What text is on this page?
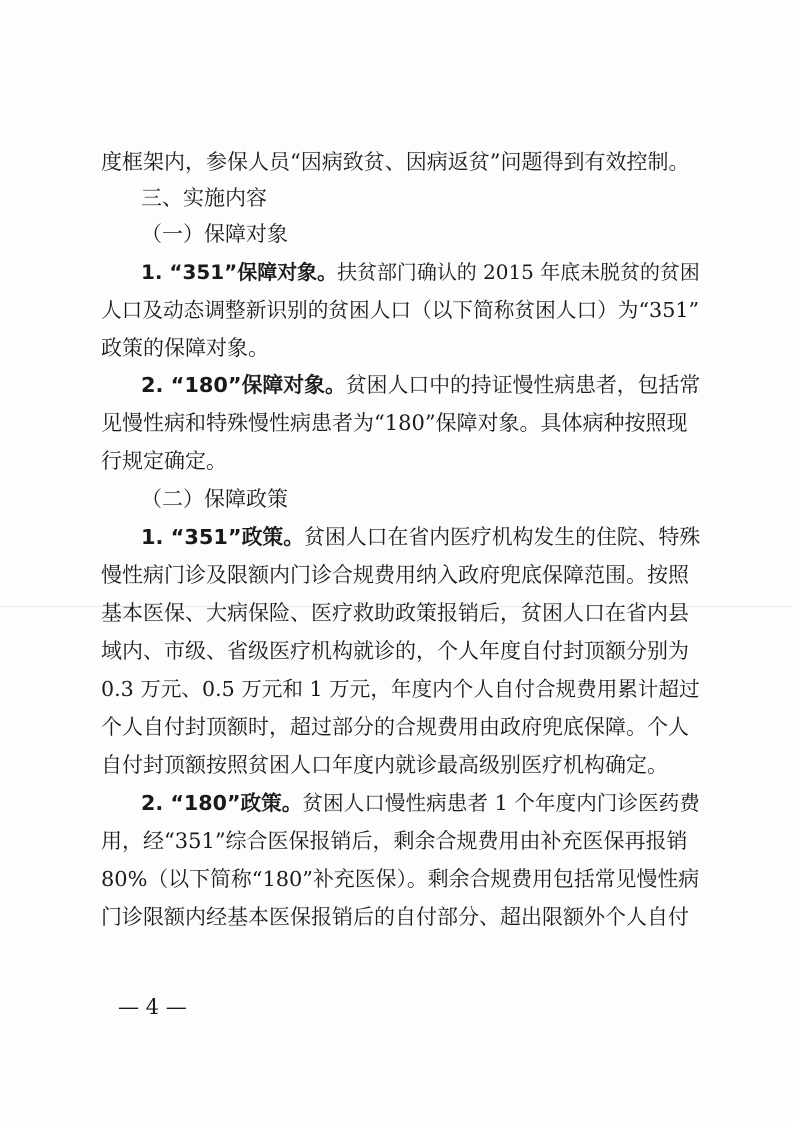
度框架内，参保人员“因病致贫、因病返贫”问题得到有效控制。
三、实施内容
（一）保障对象
1. “351”保障对象。扶贫部门确认的 2015 年底未脱贫的贫困
人口及动态调整新识别的贫困人口（以下简称贫困人口）为“351”
政策的保障对象。
2. “180”保障对象。贫困人口中的持证慢性病患者，包括常
见慢性病和特殊慢性病患者为“180”保障对象。具体病种按照现
行规定确定。
（二）保障政策
1. “351”政策。贫困人口在省内医疗机构发生的住院、特殊
慢性病门诊及限额内门诊合规费用纳入政府兜底保障范围。按照
基本医保、大病保险、医疗救助政策报销后，贫困人口在省内县
域内、市级、省级医疗机构就诊的，个人年度自付封顶额分别为
0.3 万元、0.5 万元和 1 万元，年度内个人自付合规费用累计超过
个人自付封顶额时，超过部分的合规费用由政府兜底保障。个人
自付封顶额按照贫困人口年度内就诊最高级别医疗机构确定。
2. “180”政策。贫困人口慢性病患者 1 个年度内门诊医药费
用，经“351”综合医保报销后，剩余合规费用由补充医保再报销
80%（以下简称“180”补充医保）。剩余合规费用包括常见慢性病
门诊限额内经基本医保报销后的自付部分、超出限额外个人自付
— 4 —
